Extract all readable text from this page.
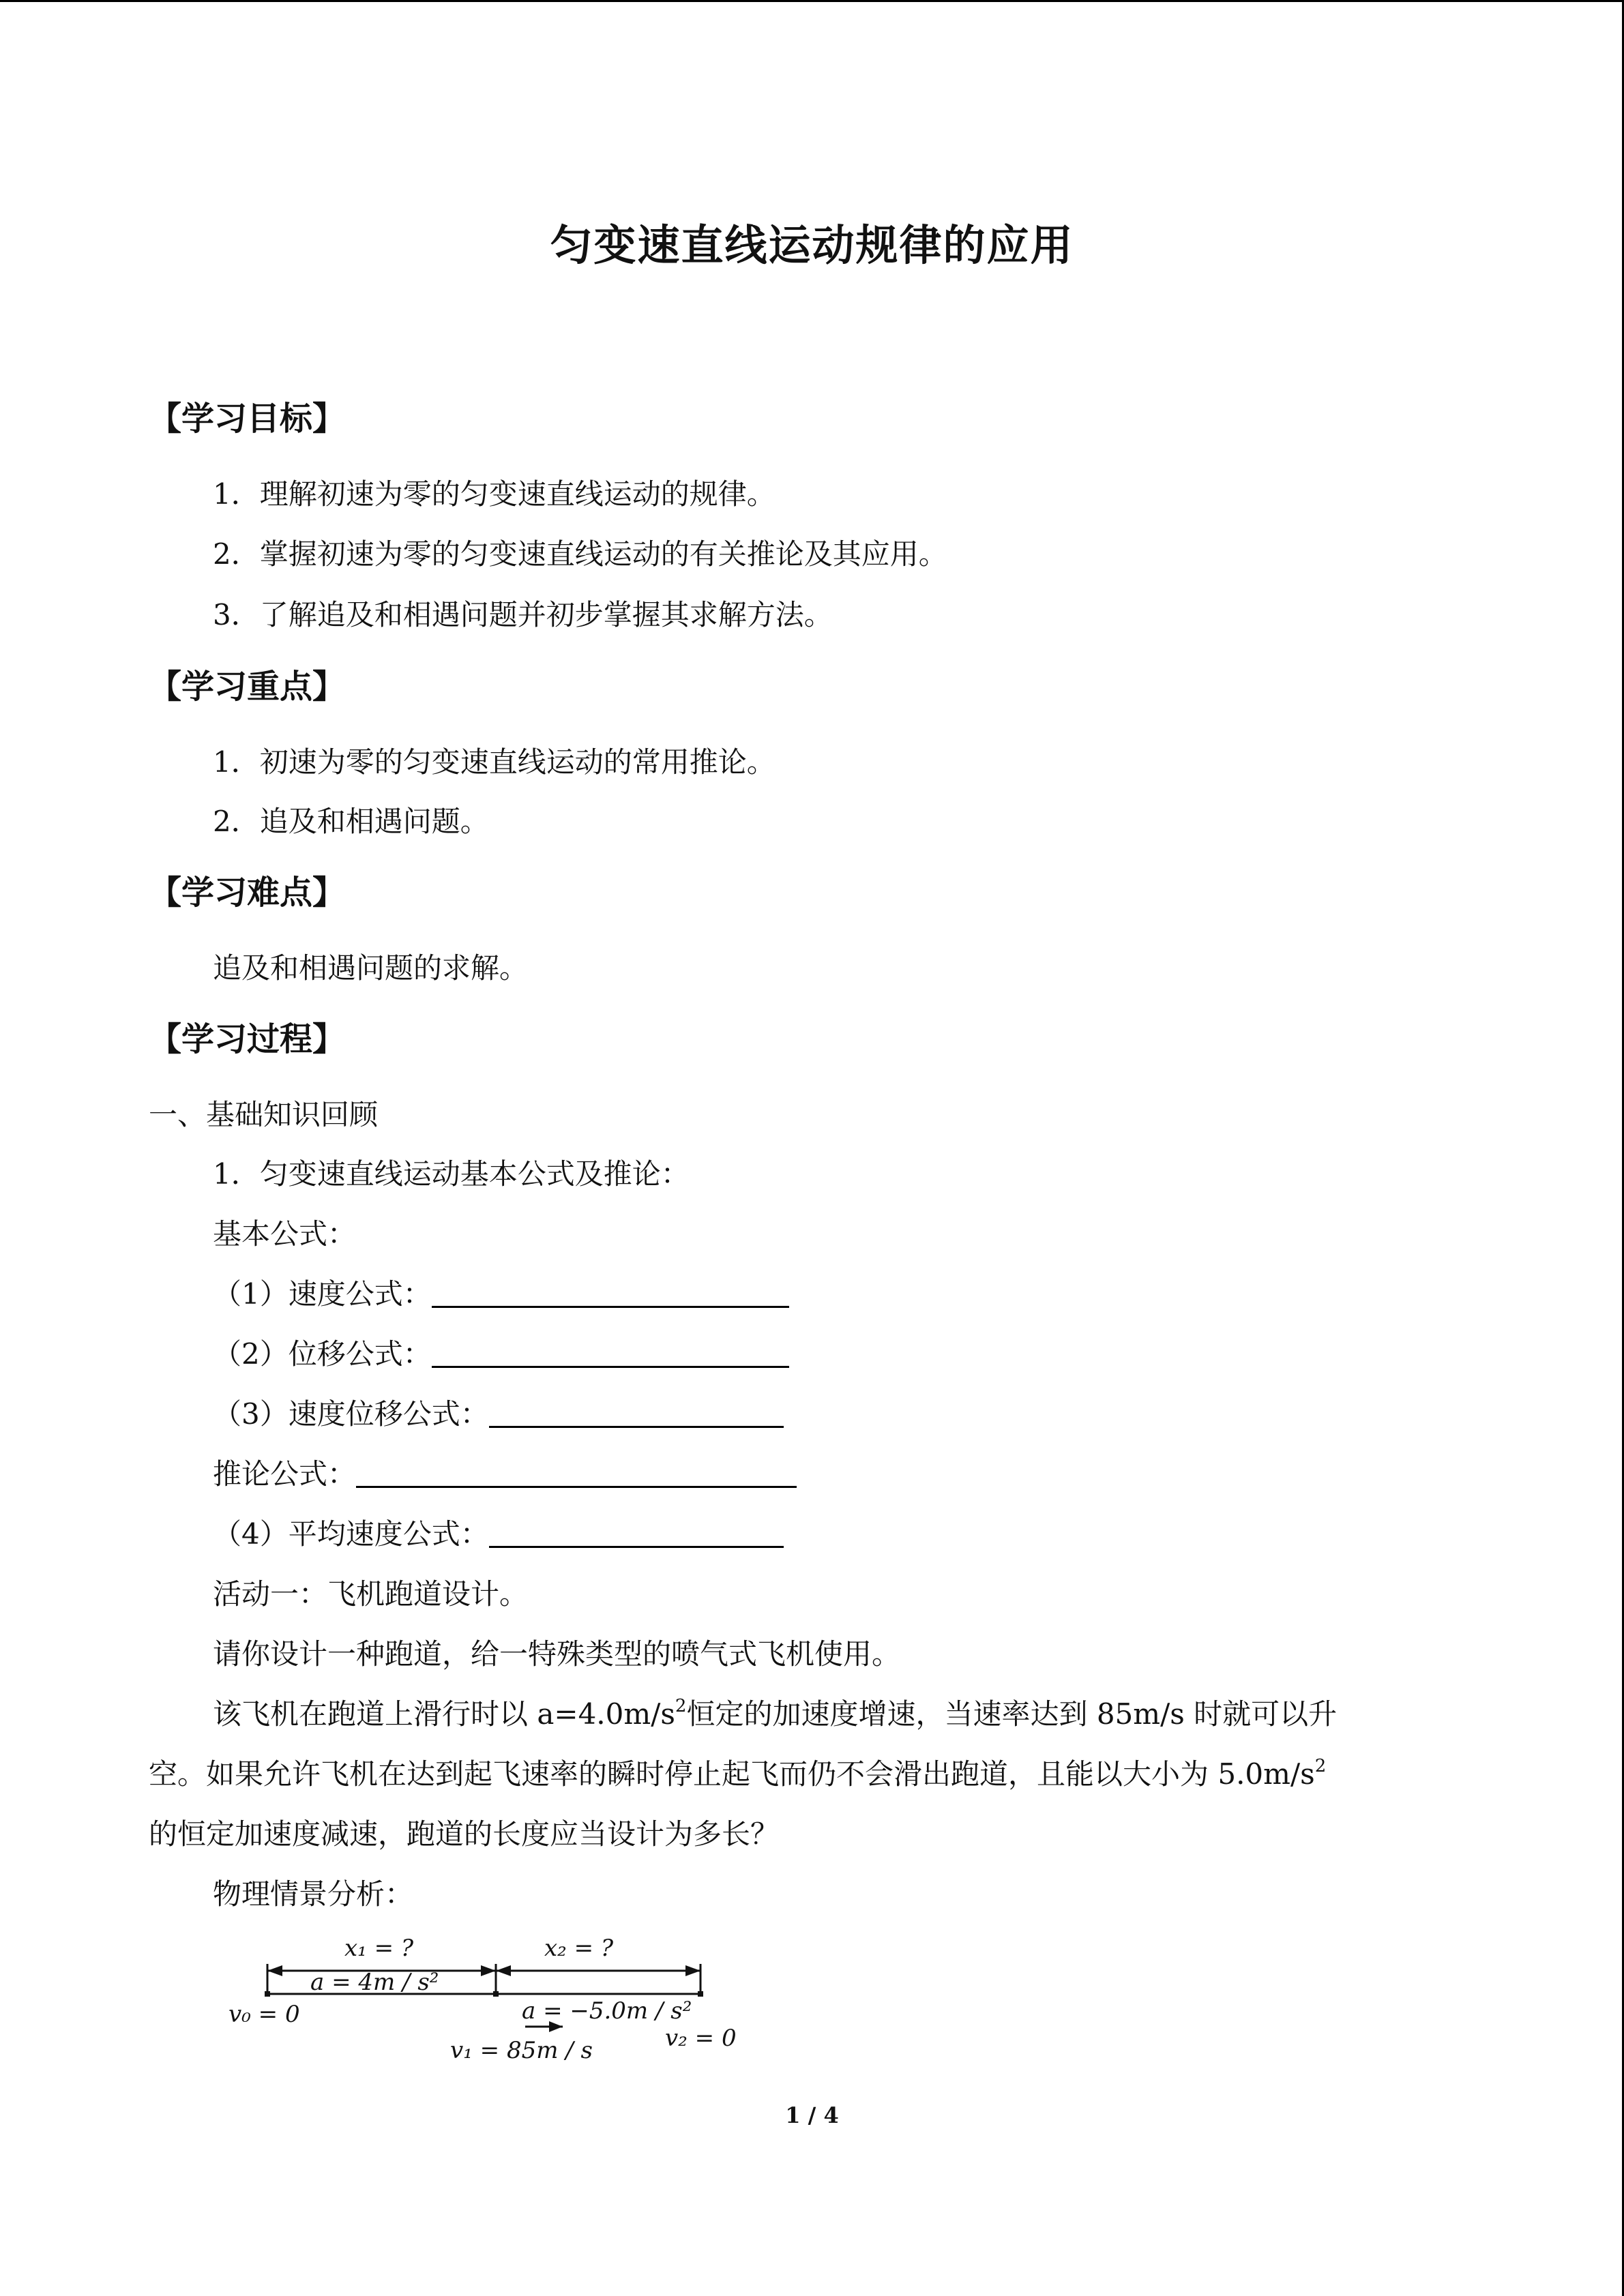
匀变速直线运动规律的应用
【学习目标】
1．理解初速为零的匀变速直线运动的规律。
2．掌握初速为零的匀变速直线运动的有关推论及其应用。
3．了解追及和相遇问题并初步掌握其求解方法。
【学习重点】
1．初速为零的匀变速直线运动的常用推论。
2．追及和相遇问题。
【学习难点】
追及和相遇问题的求解。
【学习过程】
一、基础知识回顾
1．匀变速直线运动基本公式及推论：
基本公式：
（1）速度公式：
（2）位移公式：
（3）速度位移公式：
推论公式：
（4）平均速度公式：
活动一：飞机跑道设计。
请你设计一种跑道，给一特殊类型的喷气式飞机使用。
该飞机在跑道上滑行时以 $a=4.0m/s^2$恒定的加速度增速，当速率达到 85m/s 时就可以升
空。如果允许飞机在达到起飞速率的瞬时停止起飞而仍不会滑出跑道，且能以大小为 $5.0m/s^2$
的恒定加速度减速，跑道的长度应当设计为多长？
物理情景分析：
x₁ = ?	x₂ = ?
a = 4m / s²
a = −5.0m / s²
v₀ = 0
v₁ = 85m / s	v₂ = 0
1 / 4
